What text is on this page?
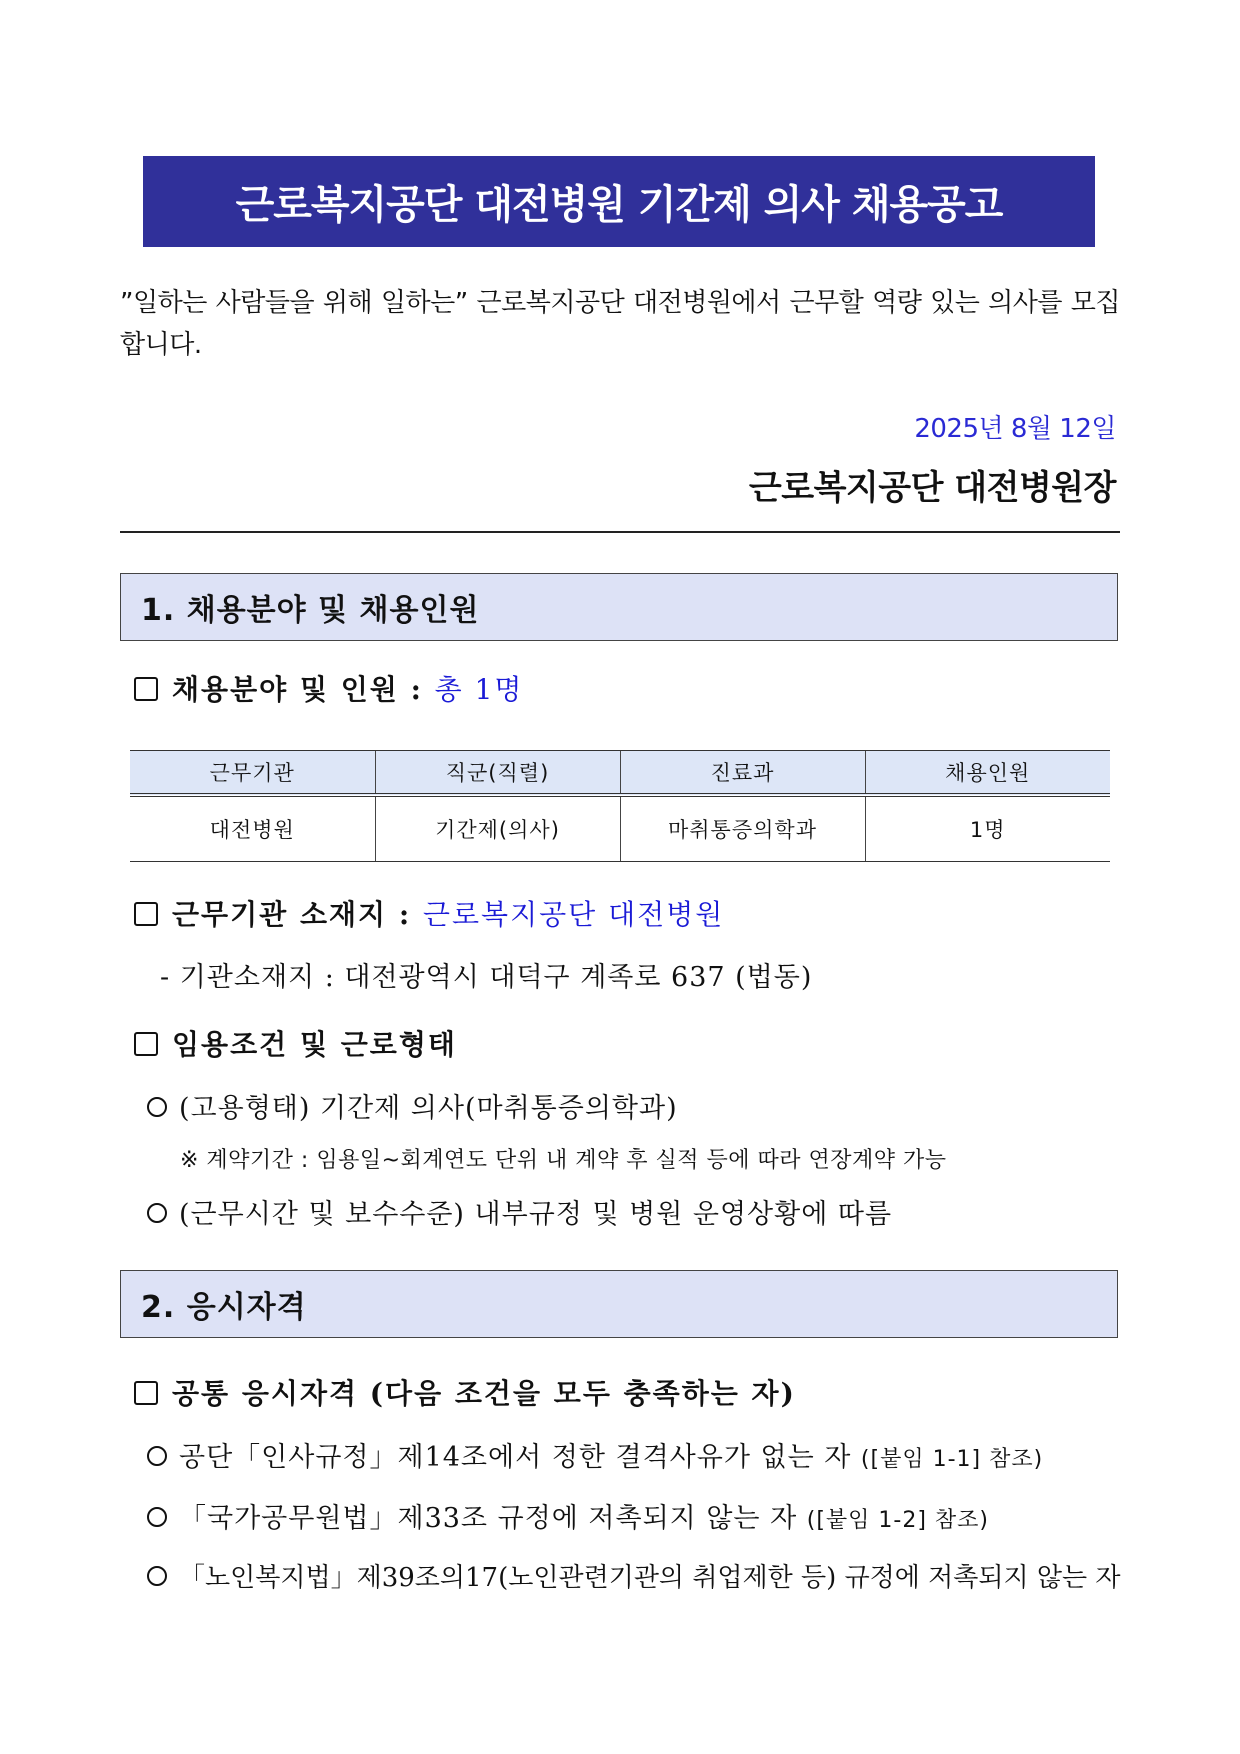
근로복지공단 대전병원 기간제 의사 채용공고
”일하는 사람들을 위해 일하는” 근로복지공단 대전병원에서 근무할 역량 있는 의사를 모집합니다.
2025년 8월 12일
근로복지공단 대전병원장
1. 채용분야 및 채용인원
채용분야 및 인원 : 총 1명
근무기관	직군(직렬)	진료과	채용인원
대전병원	기간제(의사)	마취통증의학과	1명
근무기관 소재지 : 근로복지공단 대전병원
- 기관소재지 : 대전광역시 대덕구 계족로 637 (법동)
임용조건 및 근로형태
(고용형태) 기간제 의사(마취통증의학과)
※ 계약기간 : 임용일~회계연도 단위 내 계약 후 실적 등에 따라 연장계약 가능
(근무시간 및 보수수준) 내부규정 및 병원 운영상황에 따름
2. 응시자격
공통 응시자격 (다음 조건을 모두 충족하는 자)
공단「인사규정」제14조에서 정한 결격사유가 없는 자 ([붙임 1-1] 참조)
「국가공무원법」제33조 규정에 저촉되지 않는 자 ([붙임 1-2] 참조)
「노인복지법」제39조의17(노인관련기관의 취업제한 등) 규정에 저촉되지 않는 자
